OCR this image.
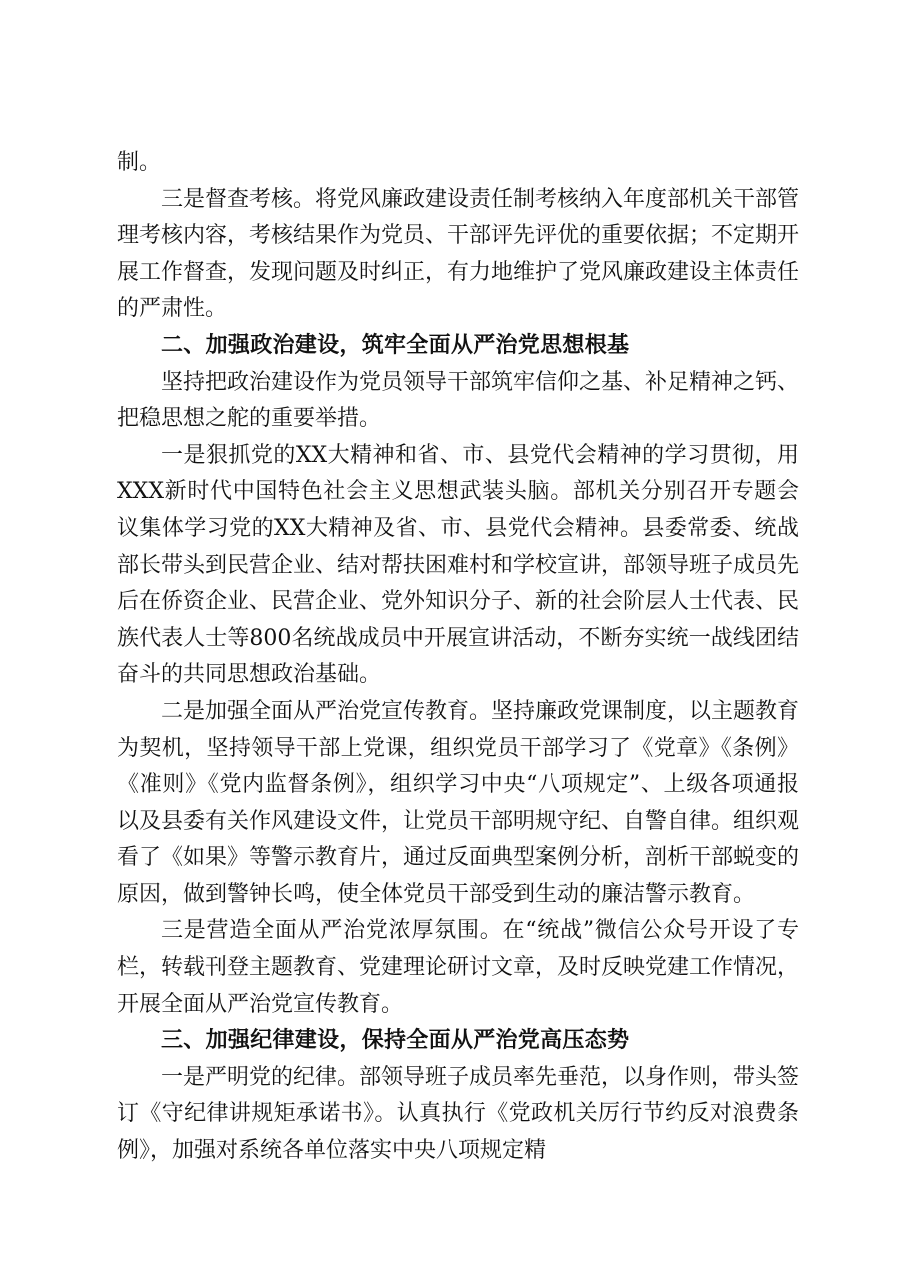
制。

三是督查考核。将党风廉政建设责任制考核纳入年度部机关干部管理考核内容，考核结果作为党员、干部评先评优的重要依据；不定期开展工作督查，发现问题及时纠正，有力地维护了党风廉政建设主体责任的严肃性。

二、加强政治建设，筑牢全面从严治党思想根基

坚持把政治建设作为党员领导干部筑牢信仰之基、补足精神之钙、把稳思想之舵的重要举措。

一是狠抓党的XX大精神和省、市、县党代会精神的学习贯彻，用XXX新时代中国特色社会主义思想武装头脑。部机关分别召开专题会议集体学习党的XX大精神及省、市、县党代会精神。县委常委、统战部长带头到民营企业、结对帮扶困难村和学校宣讲，部领导班子成员先后在侨资企业、民营企业、党外知识分子、新的社会阶层人士代表、民族代表人士等800名统战成员中开展宣讲活动，不断夯实统一战线团结奋斗的共同思想政治基础。

二是加强全面从严治党宣传教育。坚持廉政党课制度，以主题教育为契机，坚持领导干部上党课，组织党员干部学习了《党章》《条例》《准则》《党内监督条例》，组织学习中央“八项规定”、上级各项通报以及县委有关作风建设文件，让党员干部明规守纪、自警自律。组织观看了《如果》等警示教育片，通过反面典型案例分析，剖析干部蜕变的原因，做到警钟长鸣，使全体党员干部受到生动的廉洁警示教育。

三是营造全面从严治党浓厚氛围。在“统战”微信公众号开设了专栏，转载刊登主题教育、党建理论研讨文章，及时反映党建工作情况，开展全面从严治党宣传教育。

三、加强纪律建设，保持全面从严治党高压态势

一是严明党的纪律。部领导班子成员率先垂范，以身作则，带头签订《守纪律讲规矩承诺书》。认真执行《党政机关厉行节约反对浪费条例》，加强对系统各单位落实中央八项规定精
